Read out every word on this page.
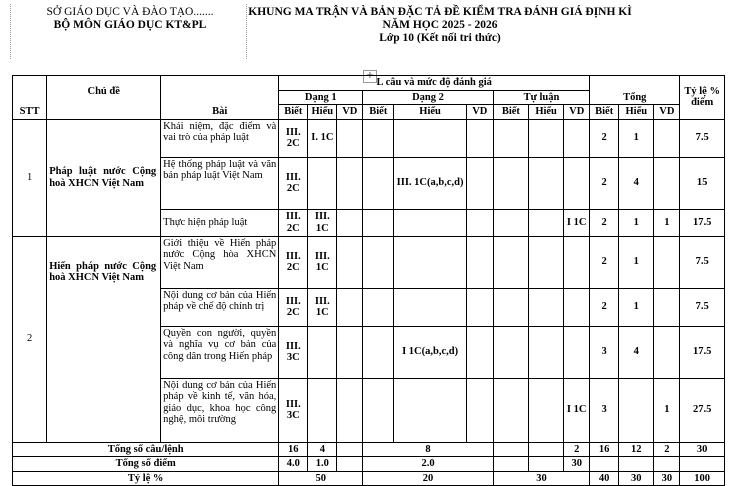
SỞ GIÁO DỤC VÀ ĐÀO TẠO.......
BỘ MÔN GIÁO DỤC KT&PL
KHUNG MA TRẬN VÀ BẢN ĐẶC TẢ ĐỀ KIỂM TRA ĐÁNH GIÁ ĐỊNH KÌ
NĂM HỌC 2025 - 2026
Lớp 10 (Kết nối tri thức)
+
STT	Chủ đề	Bài	L câu và mức độ đánh giá									Tổng			Tỷ lệ % điểm
			Dạng 1			Dạng 2			Tự luận						
			Biết	Hiểu	VD	Biết	Hiểu	VD	Biết	Hiểu	VD	Biết	Hiểu	VD	
1	Pháp luật nước Cộng hoà XHCN Việt Nam	Khái niệm, đặc điểm và vai trò của pháp luật	III. 2C	I. 1C								2	1		7.5
		Hệ thống pháp luật và văn bản pháp luật Việt Nam	III. 2C				III. 1C(a,b,c,d)					2	4		15
		Thực hiện pháp luật	III. 2C	III. 1C							I 1C	2	1	1	17.5
2	Hiến pháp nước Cộng hoà XHCN Việt Nam	Giới thiệu về Hiến pháp nước Cộng hòa XHCN Việt Nam	III. 2C	III. 1C								2	1		7.5
		Nội dung cơ bản của Hiến pháp về chế độ chính trị	III. 2C	III. 1C								2	1		7.5
		Quyền con người, quyền và nghĩa vụ cơ bản của công dân trong Hiến pháp	III. 3C				I 1C(a,b,c,d)					3	4		17.5
		Nội dung cơ bản của Hiến pháp về kinh tế, văn hóa, giáo dục, khoa học công nghệ, môi trường	III. 3C								I 1C	3		1	27.5
Tổng số câu/lệnh			16	4		8					2	16	12	2	30
Tổng số điểm			4.0	1.0		2.0					30				
Tỷ lệ %			50			20			30			40	30	30	100
